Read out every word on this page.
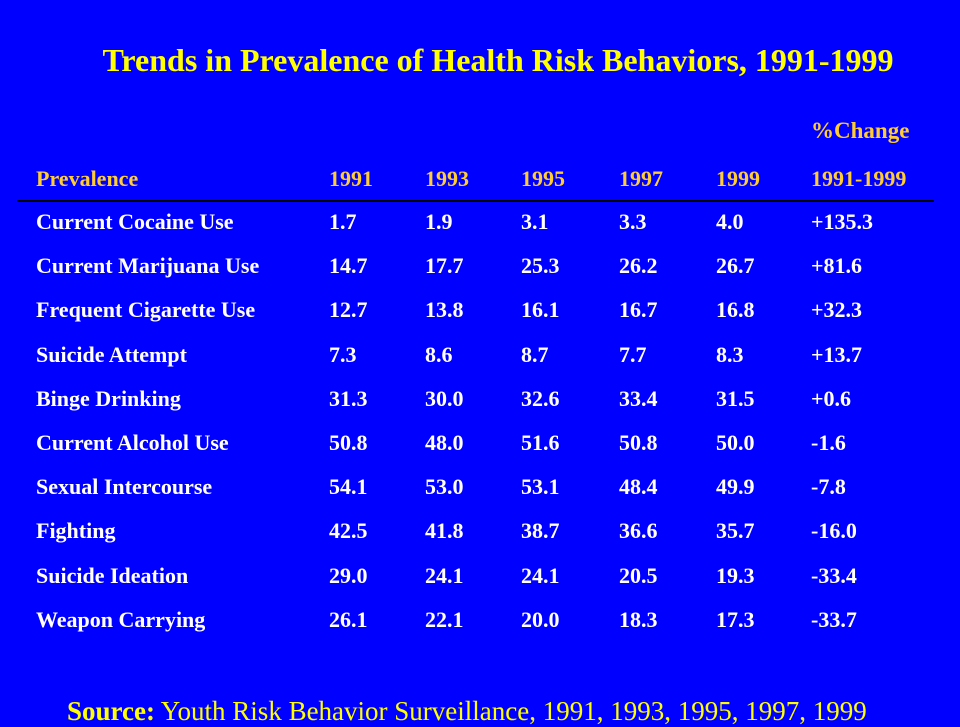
Trends in Prevalence of Health Risk Behaviors, 1991-1999
%Change
Prevalence	1991 1993 1995 1997 1999 1991-1999
Current Cocaine Use	1.7	1.9	3.1	3.3	4.0	+135.3
Current Marijuana Use	14.7	17.7	25.3	26.2	26.7	+81.6
Frequent Cigarette Use	12.7	13.8	16.1	16.7	16.8	+32.3
Suicide Attempt	7.3	8.6	8.7	7.7	8.3	+13.7
Binge Drinking	31.3	30.0	32.6	33.4	31.5	+0.6
Current Alcohol Use	50.8	48.0	51.6	50.8	50.0	-1.6
Sexual Intercourse	54.1	53.0	53.1	48.4	49.9	-7.8
Fighting	42.5	41.8	38.7	36.6	35.7	-16.0
Suicide Ideation	29.0	24.1	24.1	20.5	19.3	-33.4
Weapon Carrying	26.1	22.1	20.0	18.3	17.3	-33.7
Source: Youth Risk Behavior Surveillance, 1991, 1993, 1995, 1997, 1999
